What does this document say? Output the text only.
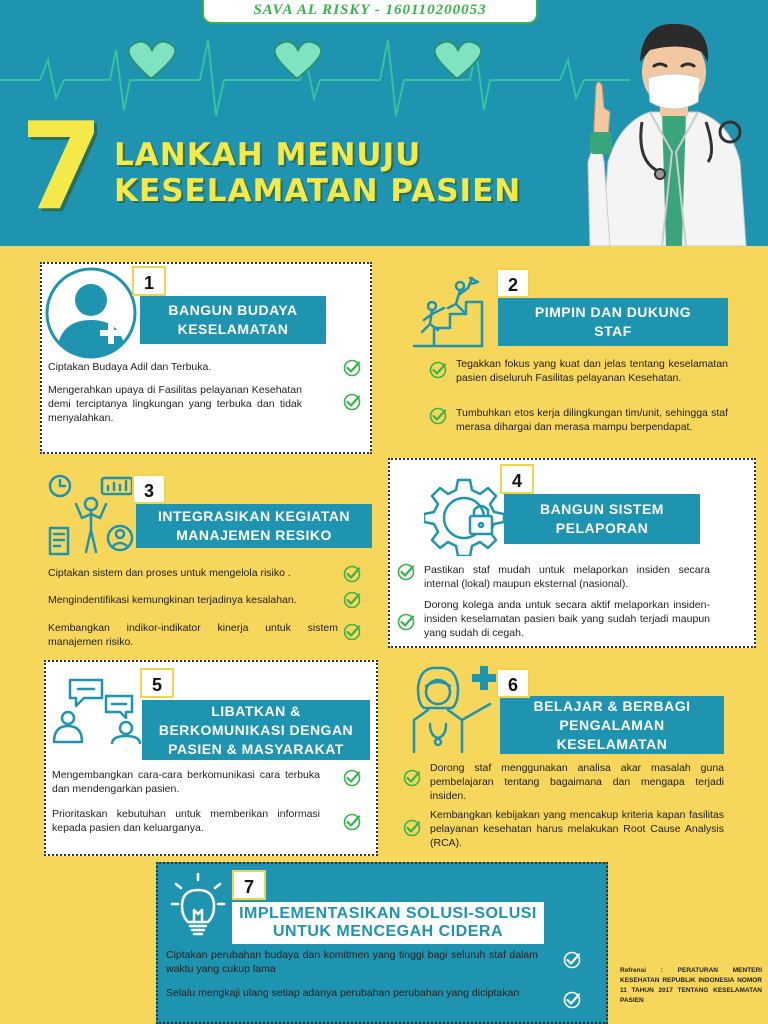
SAVA AL RISKY - 160110200053
7 LANKAH MENUJU
KESELAMATAN PASIEN
1
BANGUN BUDAYA
KESELAMATAN
Ciptakan Budaya Adil dan Terbuka.
Mengerahkan upaya di Fasilitas pelayanan Kesehatan demi terciptanya lingkungan yang terbuka dan tidak menyalahkan.
2
PIMPIN DAN DUKUNG
STAF
Tegakkan fokus yang kuat dan jelas tentang keselamatan pasien diseluruh Fasilitas pelayanan Kesehatan.
Tumbuhkan etos kerja dilingkungan tim/unit, sehingga staf merasa dihargai dan merasa mampu berpendapat.
3
INTEGRASIKAN KEGIATAN
MANAJEMEN RESIKO
Ciptakan sistem dan proses untuk mengelola risiko .
Mengindentifikasi kemungkinan terjadinya kesalahan.
Kembangkan indikor-indikator kinerja untuk sistem manajemen risiko.
4
BANGUN SISTEM
PELAPORAN
Pastikan staf mudah untuk melaporkan insiden secara internal (lokal) maupun eksternal (nasional).
Dorong kolega anda untuk secara aktif melaporkan insiden-insiden keselamatan pasien baik yang sudah terjadi maupun yang sudah di cegah.
5
LIBATKAN &
BERKOMUNIKASI DENGAN
PASIEN & MASYARAKAT
Mengembangkan cara-cara berkomunikasi cara terbuka dan mendengarkan pasien.
Prioritaskan kebutuhan untuk memberikan informasi kepada pasien dan keluarganya.
6
BELAJAR & BERBAGI
PENGALAMAN
KESELAMATAN
Dorong staf menggunakan analisa akar masalah guna pembelajaran tentang bagaimana dan mengapa terjadi insiden.
Kembangkan kebijakan yang mencakup kriteria kapan fasilitas pelayanan kesehatan harus melakukan Root Cause Analysis (RCA).
7
IMPLEMENTASIKAN SOLUSI-SOLUSI
UNTUK MENCEGAH CIDERA
Ciptakan perubahan budaya dan komitmen yang tinggi bagi seluruh staf dalam waktu yang cukup lama
Selalu mengkaji ulang setiap adanya perubahan perubahan yang diciptakan
Refrensi : PERATURAN MENTERI KESEHATAN REPUBLIK INDONESIA NOMOR 11 TAHUN 2017 TENTANG KESELAMATAN PASIEN
